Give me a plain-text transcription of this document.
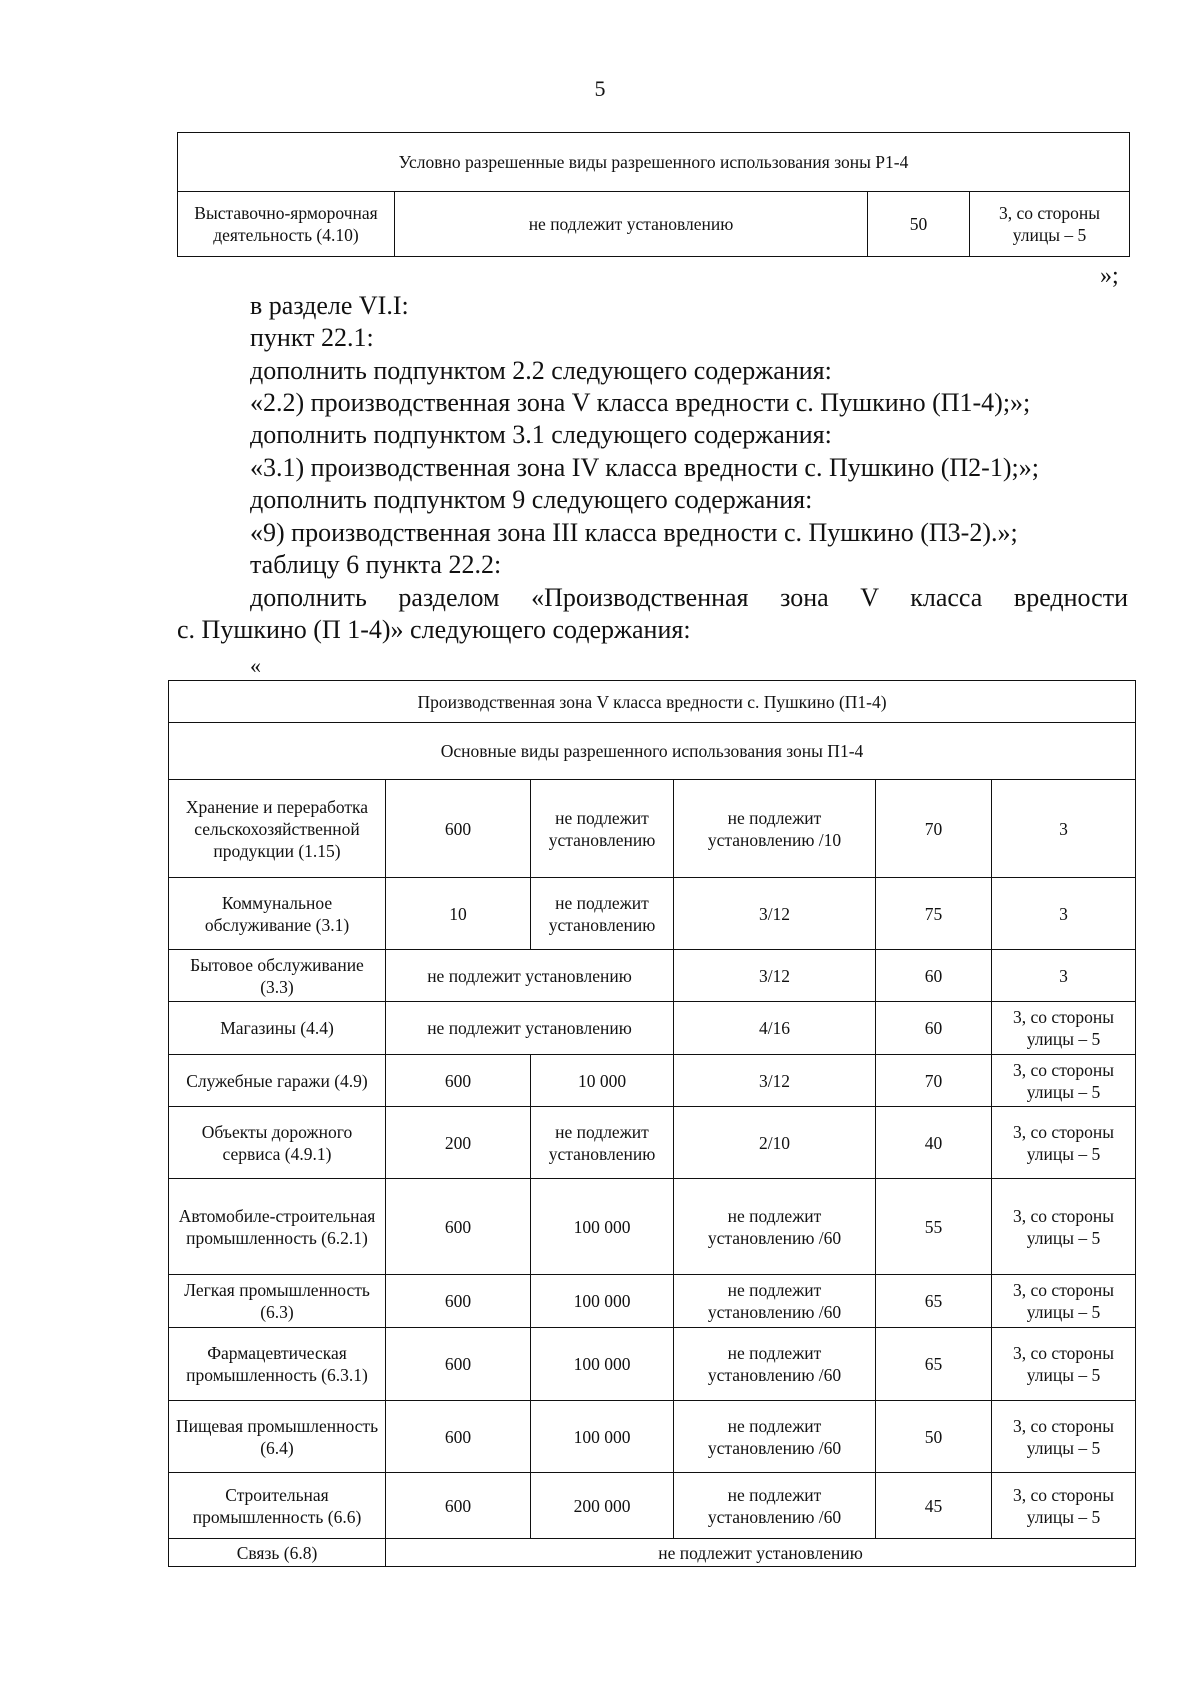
5
Условно разрешенные виды разрешенного использования зоны Р1-4
Выставочно-ярморочная деятельность (4.10)	не подлежит установлению	50	3, со стороны улицы – 5
»;
в разделе VI.I:
пункт 22.1:
дополнить подпунктом 2.2 следующего содержания:
«2.2) производственная зона V класса вредности с. Пушкино (П1-4);»;
дополнить подпунктом 3.1 следующего содержания:
«3.1) производственная зона IV класса вредности с. Пушкино (П2-1);»;
дополнить подпунктом 9 следующего содержания:
«9) производственная зона III класса вредности с. Пушкино (П3-2).»;
таблицу 6 пункта 22.2:
дополнить разделом «Производственная зона V класса вредности
с. Пушкино (П 1-4)» следующего содержания:
«
Производственная зона V класса вредности с. Пушкино (П1-4)					
Основные виды разрешенного использования зоны П1-4					
Хранение и переработка сельскохозяйственной продукции (1.15)	600	не подлежит установлению	не подлежит установлению /10	70	3
Коммунальное обслуживание (3.1)	10	не подлежит установлению	3/12	75	3
Бытовое обслуживание (3.3)	не подлежит установлению		3/12	60	3
Магазины (4.4)	не подлежит установлению		4/16	60	3, со стороны улицы – 5
Служебные гаражи (4.9)	600	10 000	3/12	70	3, со стороны улицы – 5
Объекты дорожного сервиса (4.9.1)	200	не подлежит установлению	2/10	40	3, со стороны улицы – 5
Автомобиле-строительная промышленность (6.2.1)	600	100 000	не подлежит установлению /60	55	3, со стороны улицы – 5
Легкая промышленность (6.3)	600	100 000	не подлежит установлению /60	65	3, со стороны улицы – 5
Фармацевтическая промышленность (6.3.1)	600	100 000	не подлежит установлению /60	65	3, со стороны улицы – 5
Пищевая промышленность (6.4)	600	100 000	не подлежит установлению /60	50	3, со стороны улицы – 5
Строительная промышленность (6.6)	600	200 000	не подлежит установлению /60	45	3, со стороны улицы – 5
Связь (6.8)	не подлежит установлению				
